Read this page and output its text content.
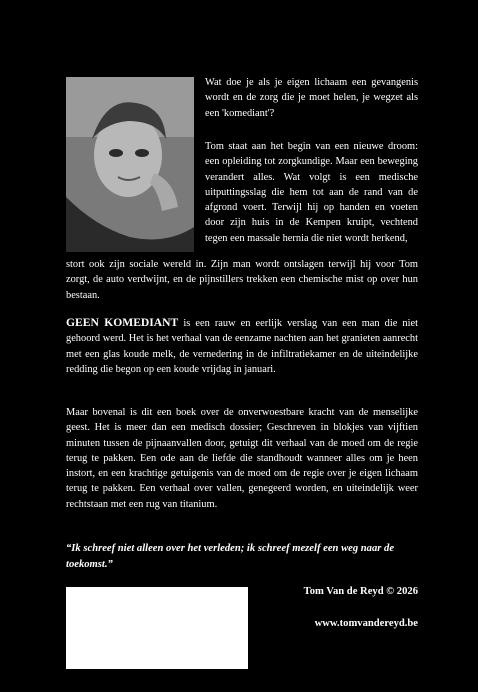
Wat doe je als je eigen lichaam een gevangenis wordt en de zorg die je moet helen, je wegzet als een 'komediant'?

Tom staat aan het begin van een nieuwe droom: een opleiding tot zorgkundige. Maar een beweging verandert alles. Wat volgt is een medische uitputtingsslag die hem tot aan de rand van de afgrond voert. Terwijl hij op handen en voeten door zijn huis in de Kempen kruipt, vechtend tegen een massale hernia die niet wordt herkend,

stort ook zijn sociale wereld in. Zijn man wordt ontslagen terwijl hij voor Tom zorgt, de auto verdwijnt, en de pijnstillers trekken een chemische mist op over hun bestaan.

GEEN KOMEDIANT is een rauw en eerlijk verslag van een man die niet gehoord werd. Het is het verhaal van de eenzame nachten aan het granieten aanrecht met een glas koude melk, de vernedering in de infiltratiekamer en de uiteindelijke redding die begon op een koude vrijdag in januari.

Maar bovenal is dit een boek over de onverwoestbare kracht van de menselijke geest. Het is meer dan een medisch dossier; Geschreven in blokjes van vijftien minuten tussen de pijnaanvallen door, getuigt dit verhaal van de moed om de regie terug te pakken. Een ode aan de liefde die standhoudt wanneer alles om je heen instort, en een krachtige getuigenis van de moed om de regie over je eigen lichaam terug te pakken. Een verhaal over vallen, genegeerd worden, en uiteindelijk weer rechtstaan met een rug van titanium.

“Ik schreef niet alleen over het verleden; ik schreef mezelf een weg naar de toekomst.”

Tom Van de Reyd © 2026
www.tomvandereyd.be
